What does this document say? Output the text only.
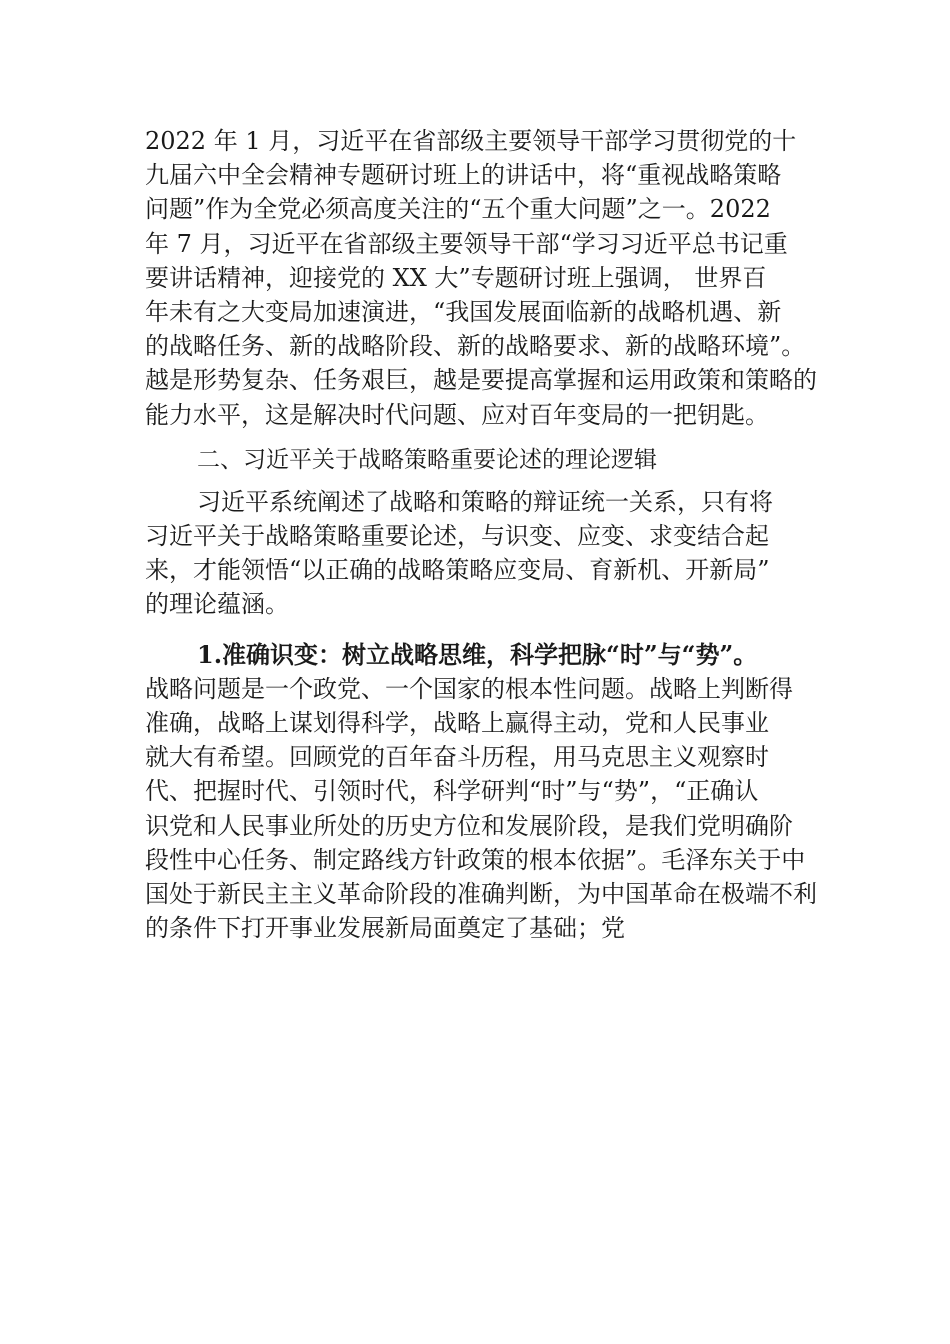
2022 年 1 月，习近平在省部级主要领导干部学习贯彻党的十

九届六中全会精神专题研讨班上的讲话中，将“重视战略策略

问题”作为全党必须高度关注的“五个重大问题”之一。2022

年 7 月，习近平在省部级主要领导干部“学习习近平总书记重

要讲话精神，迎接党的 XX 大”专题研讨班上强调， 世界百

年未有之大变局加速演进，“我国发展面临新的战略机遇、新

的战略任务、新的战略阶段、新的战略要求、新的战略环境”。

越是形势复杂、任务艰巨，越是要提高掌握和运用政策和策略的

能力水平，这是解决时代问题、应对百年变局的一把钥匙。

二、习近平关于战略策略重要论述的理论逻辑

习近平系统阐述了战略和策略的辩证统一关系，只有将

习近平关于战略策略重要论述，与识变、应变、求变结合起

来，才能领悟“以正确的战略策略应变局、育新机、开新局”

的理论蕴涵。

1.准确识变：树立战略思维，科学把脉“时”与“势”。

战略问题是一个政党、一个国家的根本性问题。战略上判断得

准确，战略上谋划得科学，战略上赢得主动，党和人民事业

就大有希望。回顾党的百年奋斗历程，用马克思主义观察时

代、把握时代、引领时代，科学研判“时”与“势”，“正确认

识党和人民事业所处的历史方位和发展阶段，是我们党明确阶

段性中心任务、制定路线方针政策的根本依据”。毛泽东关于中

国处于新民主主义革命阶段的准确判断，为中国革命在极端不利

的条件下打开事业发展新局面奠定了基础；党
